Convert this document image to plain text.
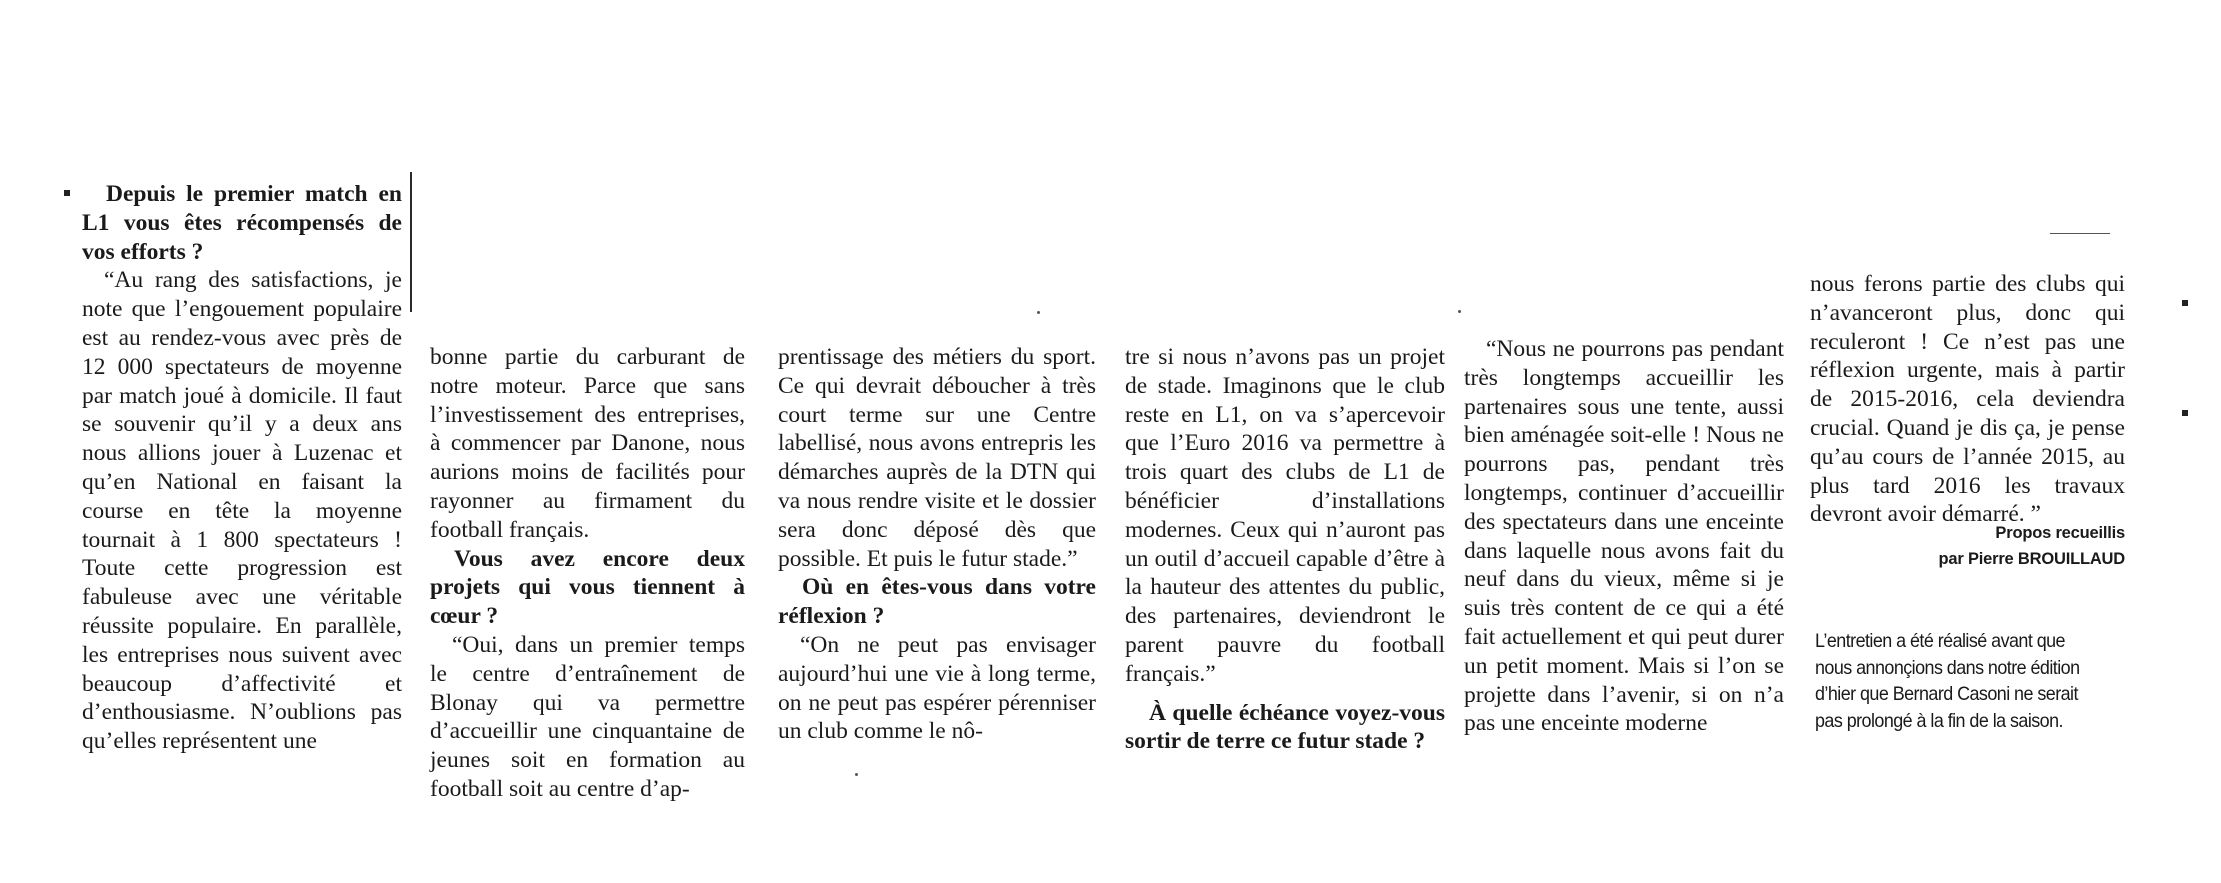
Depuis le premier match en L1 vous êtes récompensés de vos efforts ?

“Au rang des satisfactions, je note que l’engouement populaire est au rendez-vous avec près de 12 000 spectateurs de moyenne par match joué à domicile. Il faut se souvenir qu’il y a deux ans nous allions jouer à Luzenac et qu’en National en faisant la course en tête la moyenne tournait à 1 800 spectateurs ! Toute cette progression est fabuleuse avec une véritable réussite populaire. En parallèle, les entreprises nous suivent avec beaucoup d’affectivité et d’enthousiasme. N’oublions pas qu’elles représentent une

bonne partie du carburant de notre moteur. Parce que sans l’investissement des entreprises, à commencer par Danone, nous aurions moins de facilités pour rayonner au firmament du football français.

Vous avez encore deux projets qui vous tiennent à cœur ?

“Oui, dans un premier temps le centre d’entraînement de Blonay qui va permettre d’accueillir une cinquantaine de jeunes soit en formation au football soit au centre d’ap-

prentissage des métiers du sport. Ce qui devrait déboucher à très court terme sur une Centre labellisé, nous avons entrepris les démarches auprès de la DTN qui va nous rendre visite et le dossier sera donc déposé dès que possible. Et puis le futur stade.”

Où en êtes-vous dans votre réflexion ?

“On ne peut pas envisager aujourd’hui une vie à long terme, on ne peut pas espérer pérenniser un club comme le nô-

tre si nous n’avons pas un projet de stade. Imaginons que le club reste en L1, on va s’apercevoir que l’Euro 2016 va permettre à trois quart des clubs de L1 de bénéficier d’installations modernes. Ceux qui n’auront pas un outil d’accueil capable d’être à la hauteur des attentes du public, des partenaires, deviendront le parent pauvre du football français.”

À quelle échéance voyez-vous sortir de terre ce futur stade ?

“Nous ne pourrons pas pendant très longtemps accueillir les partenaires sous une tente, aussi bien aménagée soit-elle ! Nous ne pourrons pas, pendant très longtemps, continuer d’accueillir des spectateurs dans une enceinte dans laquelle nous avons fait du neuf dans du vieux, même si je suis très content de ce qui a été fait actuellement et qui peut durer un petit moment. Mais si l’on se projette dans l’avenir, si on n’a pas une enceinte moderne

nous ferons partie des clubs qui n’avanceront plus, donc qui reculeront ! Ce n’est pas une réflexion urgente, mais à partir de 2015-2016, cela deviendra crucial. Quand je dis ça, je pense qu’au cours de l’année 2015, au plus tard 2016 les travaux devront avoir démarré. ”

Propos recueillis
par Pierre BROUILLAUD
L’entretien a été réalisé avant que nous annonçions dans notre édition d’hier que Bernard Casoni ne serait pas prolongé à la fin de la saison.
